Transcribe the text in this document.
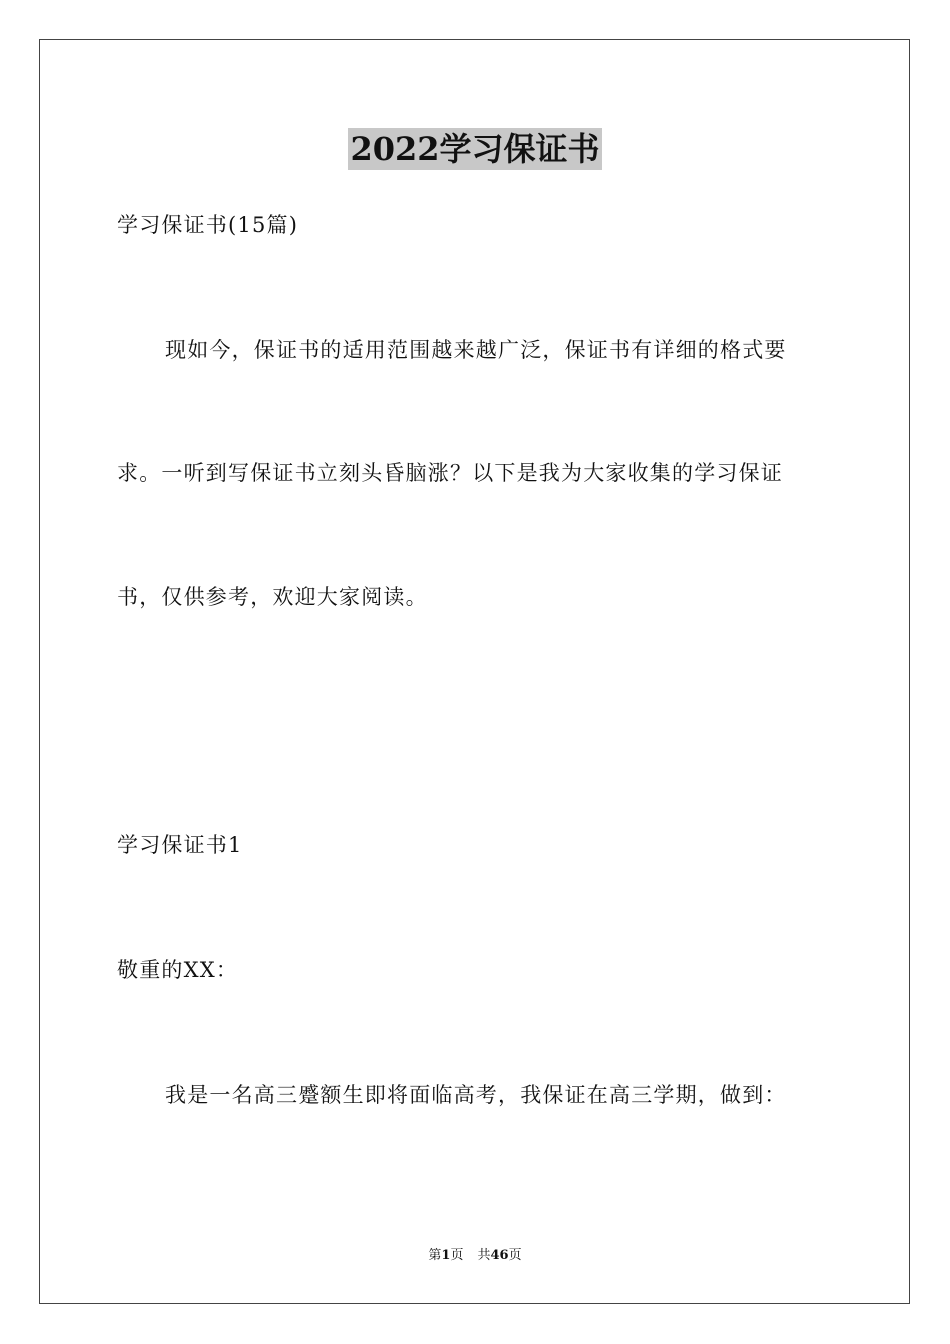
2022学习保证书
学习保证书(15篇)
现如今，保证书的适用范围越来越广泛，保证书有详细的格式要
求。一听到写保证书立刻头昏脑涨？以下是我为大家收集的学习保证
书，仅供参考，欢迎大家阅读。
学习保证书1
敬重的XX：
我是一名高三蹙额生即将面临高考，我保证在高三学期，做到：
第1页 共46页
